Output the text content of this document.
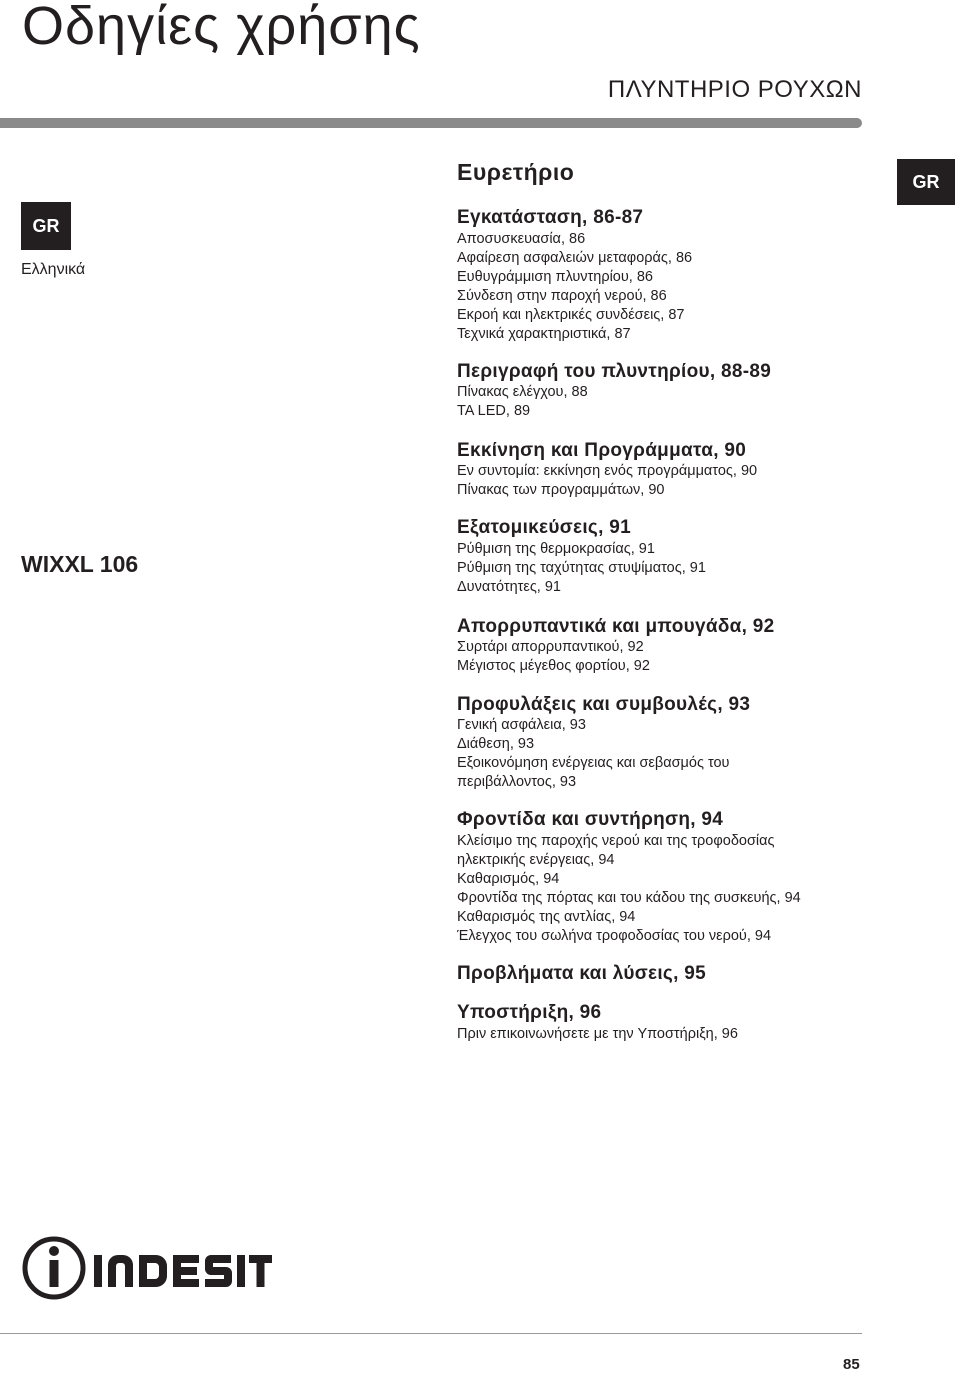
Οδηγίες χρήσης
ΠΛΥΝΤΗΡΙΟ ΡΟΥΧΩΝ
GR
Ελληνικά
WIXXL 106
GR
Ευρετήριο
Εγκατάσταση, 86-87
Αποσυσκευασία, 86
Αφαίρεση ασφαλειών μεταφοράς, 86
Ευθυγράμμιση πλυντηρίου, 86
Σύνδεση στην παροχή νερού, 86
Εκροή και ηλεκτρικές συνδέσεις, 87
Τεχνικά χαρακτηριστικά, 87
Περιγραφή του πλυντηρίου, 88-89
Πίνακας ελέγχου, 88
ΤΑ LED, 89
Εκκίνηση και Προγράμματα, 90
Εν συντομία: εκκίνηση ενός προγράμματος, 90
Πίνακας των προγραμμάτων, 90
Εξατομικεύσεις, 91
Ρύθμιση της θερμοκρασίας, 91
Ρύθμιση της ταχύτητας στυψίματος, 91
Δυνατότητες, 91
Απορρυπαντικά και μπουγάδα, 92
Συρτάρι απορρυπαντικού, 92
Μέγιστος μέγεθος φορτίου, 92
Προφυλάξεις και συμβουλές, 93
Γενική ασφάλεια, 93
Διάθεση, 93
Εξοικονόμηση ενέργειας και σεβασμός του
περιβάλλοντος, 93
Φροντίδα και συντήρηση, 94
Κλείσιμο της παροχής νερού και της τροφοδοσίας
ηλεκτρικής ενέργειας, 94
Καθαρισμός, 94
Φροντίδα της πόρτας και του κάδου της συσκευής, 94
Καθαρισμός της αντλίας, 94
Έλεγχος του σωλήνα τροφοδοσίας του νερού, 94
Προβλήματα και λύσεις, 95
Υποστήριξη, 96
Πριν επικοινωνήσετε με την Υποστήριξη, 96
85
